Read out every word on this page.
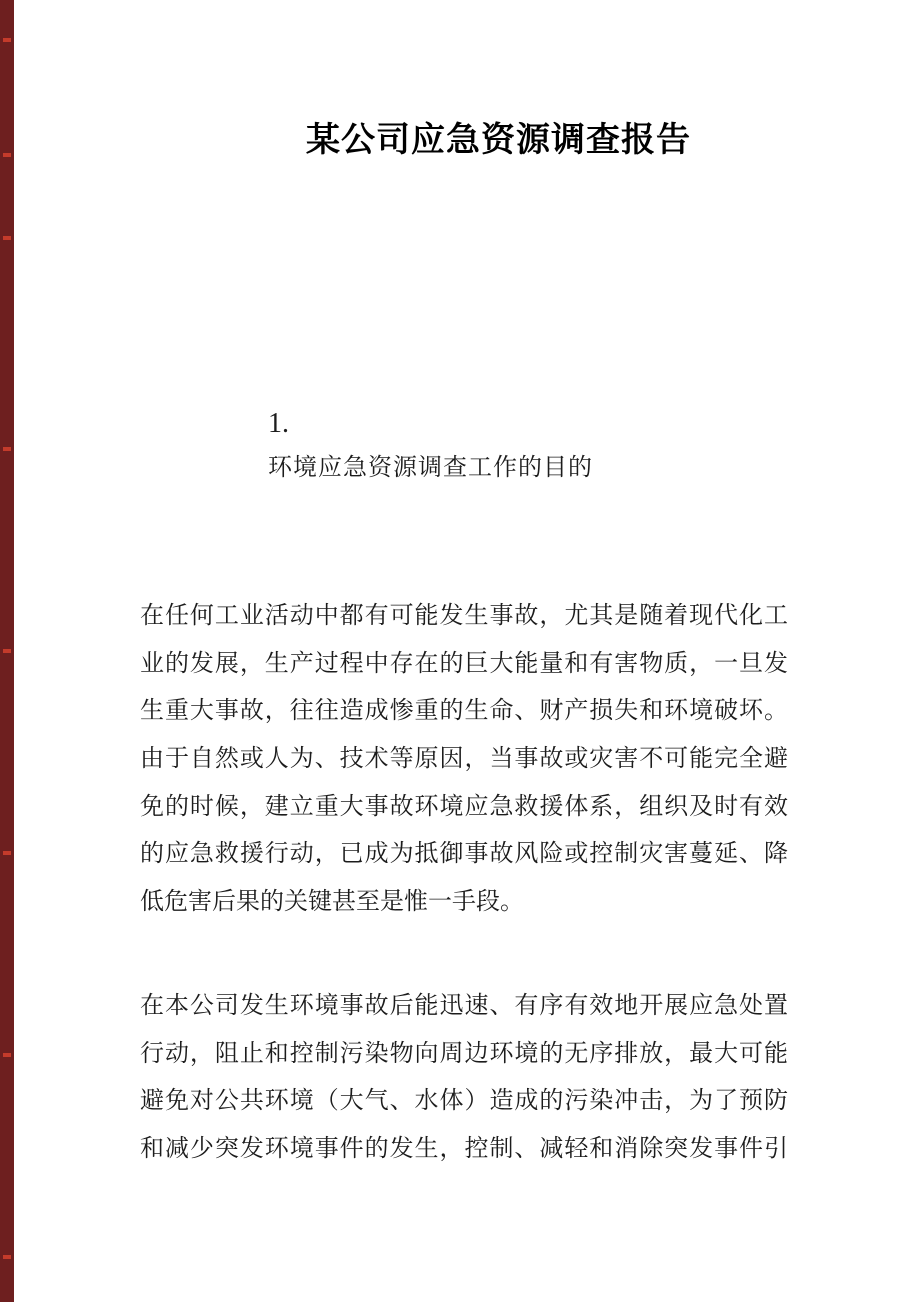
某公司应急资源调查报告
1.
环境应急资源调查工作的目的
在任何工业活动中都有可能发生事故，尤其是随着现代化工
业的发展，生产过程中存在的巨大能量和有害物质，一旦发
生重大事故，往往造成惨重的生命、财产损失和环境破坏。
由于自然或人为、技术等原因，当事故或灾害不可能完全避
免的时候，建立重大事故环境应急救援体系，组织及时有效
的应急救援行动，已成为抵御事故风险或控制灾害蔓延、降
低危害后果的关键甚至是惟一手段。
在本公司发生环境事故后能迅速、有序有效地开展应急处置
行动，阻止和控制污染物向周边环境的无序排放，最大可能
避免对公共环境（大气、水体）造成的污染冲击，为了预防
和减少突发环境事件的发生，控制、减轻和消除突发事件引
